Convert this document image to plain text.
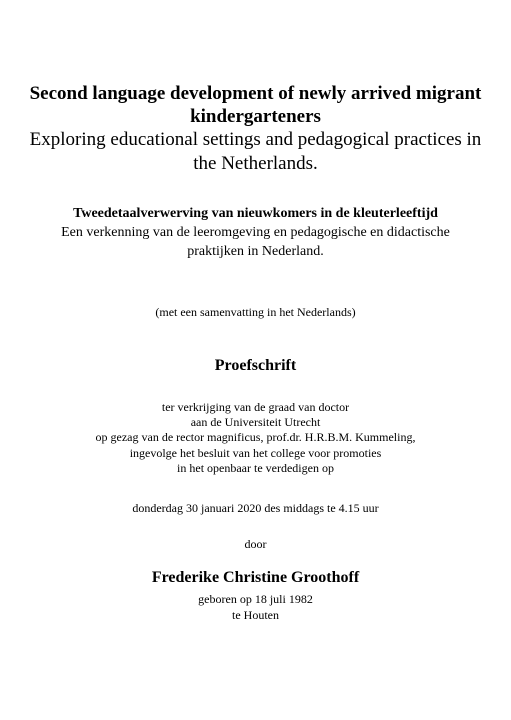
Second language development of newly arrived migrant kindergarteners

Exploring educational settings and pedagogical practices in the Netherlands.

Tweedetaalverwerving van nieuwkomers in de kleuterleeftijd

Een verkenning van de leeromgeving en pedagogische en didactische praktijken in Nederland.

(met een samenvatting in het Nederlands)
Proefschrift
ter verkrijging van de graad van doctor
aan de Universiteit Utrecht
op gezag van de rector magnificus, prof.dr. H.R.B.M. Kummeling,
ingevolge het besluit van het college voor promoties
in het openbaar te verdedigen op
donderdag 30 januari 2020 des middags te 4.15 uur
door
Frederike Christine Groothoff
geboren op 18 juli 1982
te Houten
